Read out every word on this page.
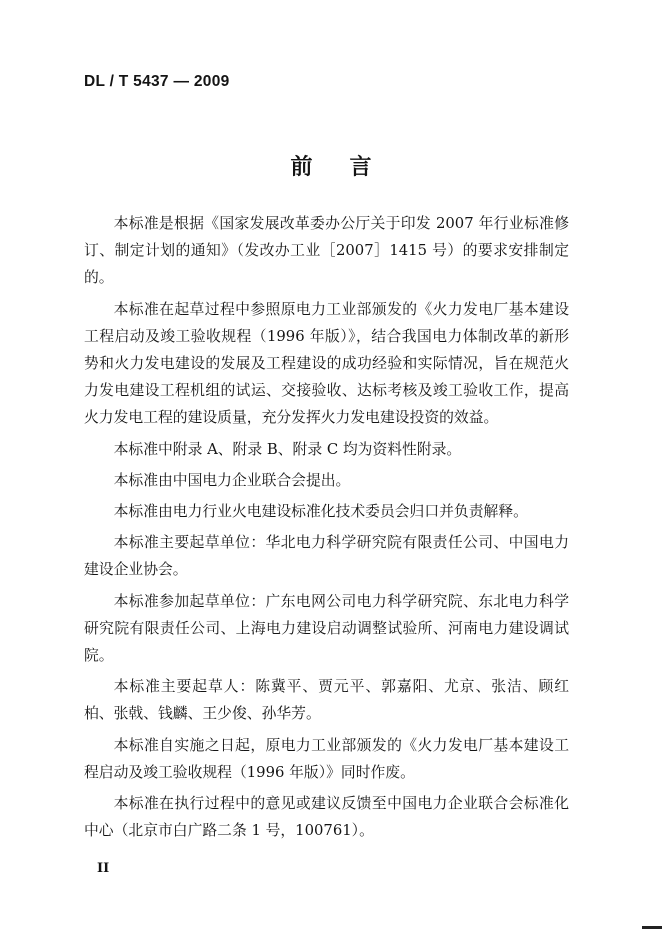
DL / T 5437 — 2009
前言

本标准是根据《国家发展改革委办公厅关于印发 2007 年行业标准修订、制定计划的通知》（发改办工业［2007］1415 号）的要求安排制定的。

本标准在起草过程中参照原电力工业部颁发的《火力发电厂基本建设工程启动及竣工验收规程（1996 年版）》，结合我国电力体制改革的新形势和火力发电建设的发展及工程建设的成功经验和实际情况，旨在规范火力发电建设工程机组的试运、交接验收、达标考核及竣工验收工作，提高火力发电工程的建设质量，充分发挥火力发电建设投资的效益。

本标准中附录 A、附录 B、附录 C 均为资料性附录。

本标准由中国电力企业联合会提出。

本标准由电力行业火电建设标准化技术委员会归口并负责解释。

本标准主要起草单位：华北电力科学研究院有限责任公司、中国电力建设企业协会。

本标准参加起草单位：广东电网公司电力科学研究院、东北电力科学研究院有限责任公司、上海电力建设启动调整试验所、河南电力建设调试院。

本标准主要起草人：陈冀平、贾元平、郭嘉阳、尤京、张洁、顾红柏、张戟、钱麟、王少俊、孙华芳。

本标准自实施之日起，原电力工业部颁发的《火力发电厂基本建设工程启动及竣工验收规程（1996 年版）》同时作废。

本标准在执行过程中的意见或建议反馈至中国电力企业联合会标准化中心（北京市白广路二条 1 号，100761）。

II
